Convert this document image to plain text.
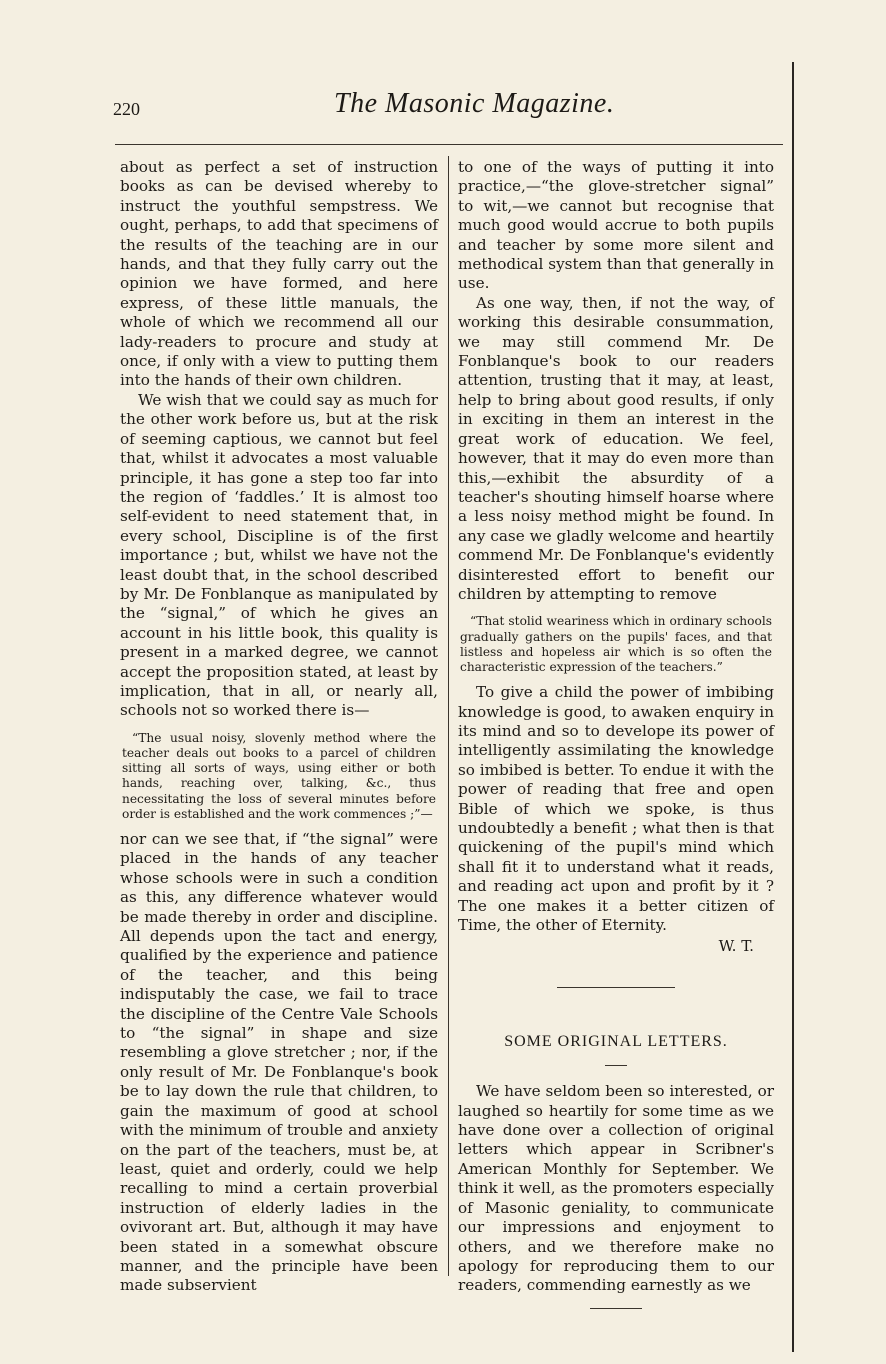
220	The Masonic Magazine.

about as perfect a set of instruction books as can be devised whereby to instruct the youthful sempstress. We ought, perhaps, to add that specimens of the results of the teaching are in our hands, and that they fully carry out the opinion we have formed, and here express, of these little manuals, the whole of which we recommend all our lady-readers to procure and study at once, if only with a view to putting them into the hands of their own children.

We wish that we could say as much for the other work before us, but at the risk of seeming captious, we cannot but feel that, whilst it advocates a most valuable principle, it has gone a step too far into the region of ‘faddles.’ It is almost too self-evident to need statement that, in every school, Discipline is of the first importance ; but, whilst we have not the least doubt that, in the school described by Mr. De Fonblanque as manipulated by the “signal,” of which he gives an account in his little book, this quality is present in a marked degree, we cannot accept the proposition stated, at least by implication, that in all, or nearly all, schools not so worked there is—

“The usual noisy, slovenly method where the teacher deals out books to a parcel of children sitting all sorts of ways, using either or both hands, reaching over, talking, &c., thus necessitating the loss of several minutes before order is established and the work commences ;”—

nor can we see that, if “the signal” were placed in the hands of any teacher whose schools were in such a condition as this, any difference whatever would be made thereby in order and discipline. All depends upon the tact and energy, qualified by the experience and patience of the teacher, and this being indisputably the case, we fail to trace the discipline of the Centre Vale Schools to “the signal” in shape and size resembling a glove stretcher ; nor, if the only result of Mr. De Fonblanque's book be to lay down the rule that children, to gain the maximum of good at school with the minimum of trouble and anxiety on the part of the teachers, must be, at least, quiet and orderly, could we help recalling to mind a certain proverbial instruction of elderly ladies in the ovivorant art. But, although it may have been stated in a somewhat obscure manner, and the principle have been made subservient

to one of the ways of putting it into practice,—“the glove-stretcher signal” to wit,—we cannot but recognise that much good would accrue to both pupils and teacher by some more silent and methodical system than that generally in use.

As one way, then, if not the way, of working this desirable consummation, we may still commend Mr. De Fonblanque's book to our readers attention, trusting that it may, at least, help to bring about good results, if only in exciting in them an interest in the great work of education. We feel, however, that it may do even more than this,—exhibit the absurdity of a teacher's shouting himself hoarse where a less noisy method might be found. In any case we gladly welcome and heartily commend Mr. De Fonblanque's evidently disinterested effort to benefit our children by attempting to remove

“That stolid weariness which in ordinary schools gradually gathers on the pupils' faces, and that listless and hopeless air which is so often the characteristic expression of the teachers.”

To give a child the power of imbibing knowledge is good, to awaken enquiry in its mind and so to develope its power of intelligently assimilating the knowledge so imbibed is better. To endue it with the power of reading that free and open Bible of which we spoke, is thus undoubtedly a benefit ; what then is that quickening of the pupil's mind which shall fit it to understand what it reads, and reading act upon and profit by it ? The one makes it a better citizen of Time, the other of Eternity.

W. T.

SOME ORIGINAL LETTERS.

We have seldom been so interested, or laughed so heartily for some time as we have done over a collection of original letters which appear in Scribner's American Monthly for September. We think it well, as the promoters especially of Masonic geniality, to communicate our impressions and enjoyment to others, and we therefore make no apology for reproducing them to our readers, commending earnestly as we
